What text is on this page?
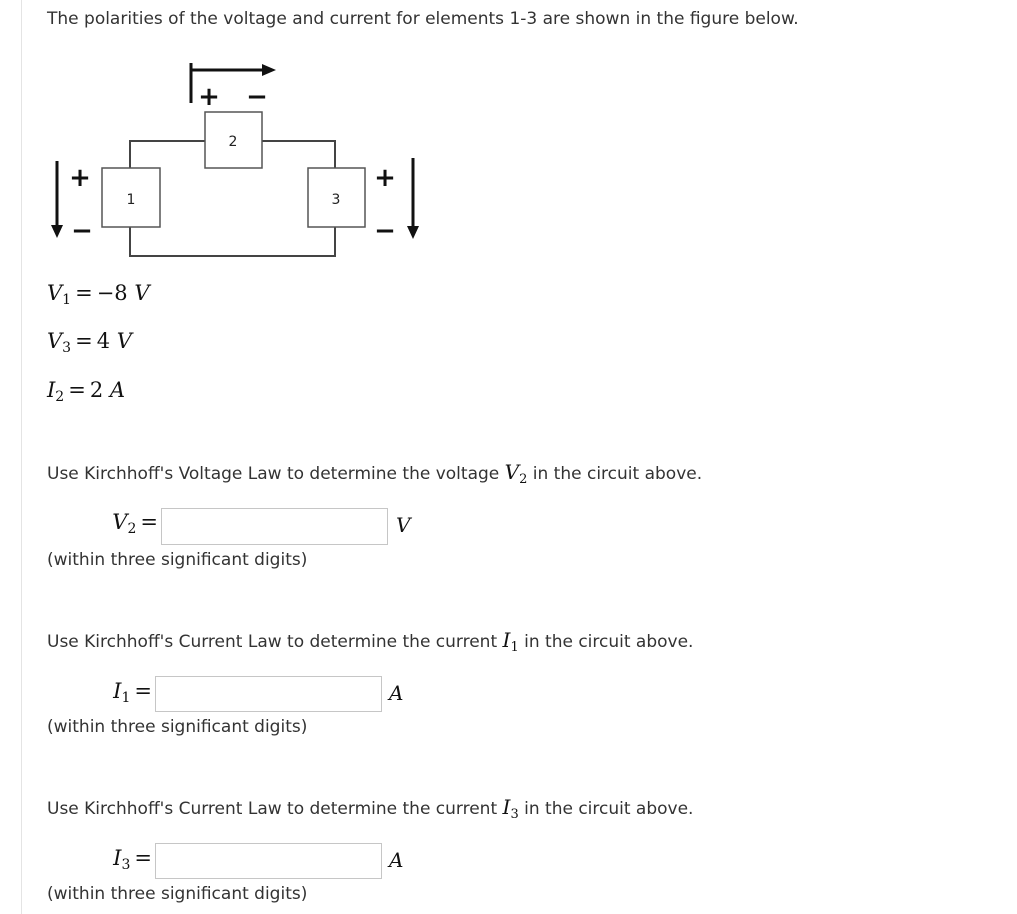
The polarities of the voltage and current for elements 1-3 are shown in the figure below.
1
2
3
+ −
+
−
+
−
$V_1 = -8$ V
$V_3 = 4$ V
$I_2 = 2$ A
Use Kirchhoff's Voltage Law to determine the voltage $V_2$ in the circuit above.
$V_2$ =	V
(within three significant digits)
Use Kirchhoff's Current Law to determine the current $I_1$ in the circuit above.
$I_1$ =	A
(within three significant digits)
Use Kirchhoff's Current Law to determine the current $I_3$ in the circuit above.
$I_3$ =	A
(within three significant digits)
